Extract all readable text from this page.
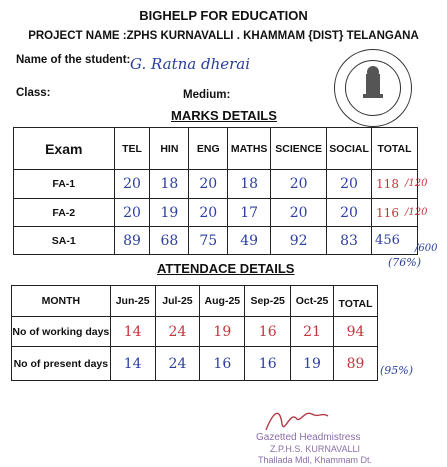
BIGHELP FOR EDUCATION
PROJECT NAME :ZPHS KURNAVALLI . KHAMMAM {DIST} TELANGANA
Name of the student: G. Ratna dherai
Class:	Medium:
MARKS DETAILS
Exam	TEL	HIN	ENG	MATHS	SCIENCE	SOCIAL	TOTAL
FA-1	20	18	20	18	20	20	118
FA-2	20	19	20	17	20	20	116
SA-1	89	68	75	49	92	83	456
/120
/120
/600
(76%)
ATTENDACE DETAILS
MONTH	Jun-25	Jul-25	Aug-25	Sep-25	Oct-25	TOTAL
No of working days	14	24	19	16	21	94
No of present days	14	24	16	16	19	89 (95%)
Gazetted Headmistress
Z.P.H.S. KURNAVALLI
Thallada Mdl, Khammam Dt.
